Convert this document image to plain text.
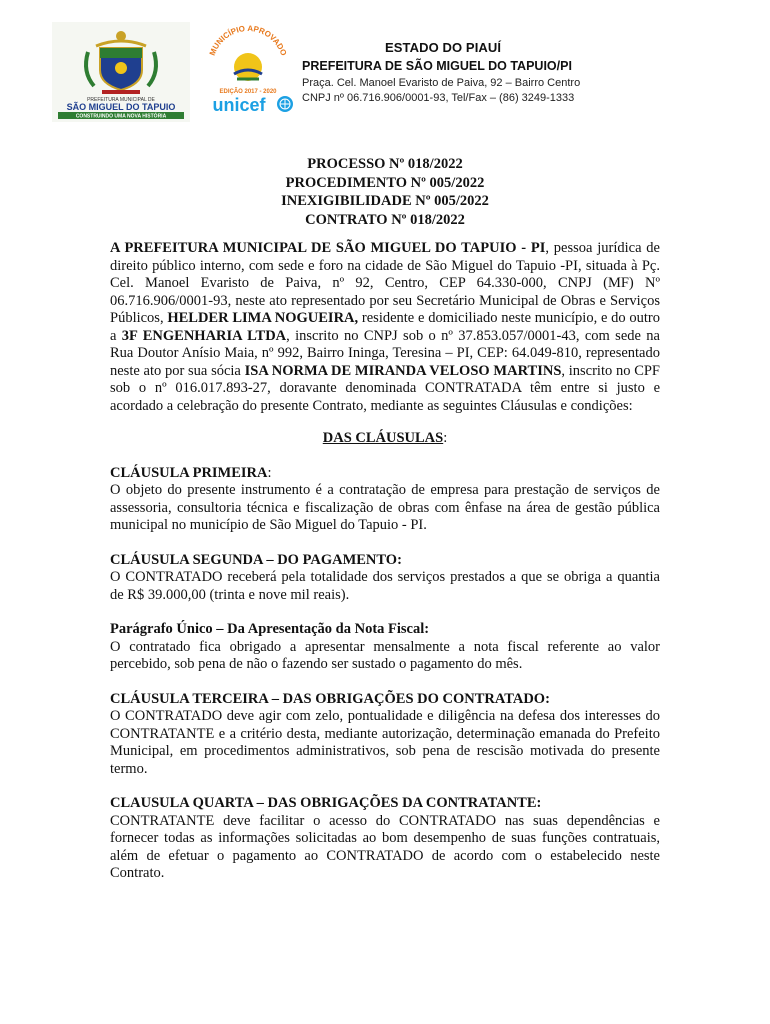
PREFEITURA MUNICIPAL DE
SÃO MIGUEL DO TAPUIO
CONSTRUINDO UMA NOVA HISTÓRIA
MUNICÍPIO APROVADO
EDIÇÃO 2017 - 2020
unicef

ESTADO DO PIAUÍ

PREFEITURA DE SÃO MIGUEL DO TAPUIO/PI

Praça. Cel. Manoel Evaristo de Paiva, 92 – Bairro Centro

CNPJ nº 06.716.906/0001-93, Tel/Fax – (86) 3249-1333

PROCESSO Nº 018/2022
PROCEDIMENTO Nº 005/2022
INEXIGIBILIDADE Nº 005/2022
CONTRATO Nº 018/2022

A PREFEITURA MUNICIPAL DE SÃO MIGUEL DO TAPUIO - PI, pessoa jurídica de direito público interno, com sede e foro na cidade de São Miguel do Tapuio -PI, situada à Pç. Cel. Manoel Evaristo de Paiva, nº 92, Centro, CEP 64.330-000, CNPJ (MF) Nº 06.716.906/0001-93, neste ato representado por seu Secretário Municipal de Obras e Serviços Públicos, HELDER LIMA NOGUEIRA, residente e domiciliado neste município, e do outro a 3F ENGENHARIA LTDA, inscrito no CNPJ sob o nº 37.853.057/0001-43, com sede na Rua Doutor Anísio Maia, nº 992, Bairro Ininga, Teresina – PI, CEP: 64.049-810, representado neste ato por sua sócia ISA NORMA DE MIRANDA VELOSO MARTINS, inscrito no CPF sob o nº 016.017.893-27, doravante denominada CONTRATADA têm entre si justo e acordado a celebração do presente Contrato, mediante as seguintes Cláusulas e condições:

DAS CLÁUSULAS:

CLÁUSULA PRIMEIRA:

O objeto do presente instrumento é a contratação de empresa para prestação de serviços de assessoria, consultoria técnica e fiscalização de obras com ênfase na área de gestão pública municipal no município de São Miguel do Tapuio - PI.

CLÁUSULA SEGUNDA – DO PAGAMENTO:

O CONTRATADO receberá pela totalidade dos serviços prestados a que se obriga a quantia de R$ 39.000,00 (trinta e nove mil reais).

Parágrafo Único – Da Apresentação da Nota Fiscal:

O contratado fica obrigado a apresentar mensalmente a nota fiscal referente ao valor percebido, sob pena de não o fazendo ser sustado o pagamento do mês.

CLÁUSULA TERCEIRA – DAS OBRIGAÇÕES DO CONTRATADO:

O CONTRATADO deve agir com zelo, pontualidade e diligência na defesa dos interesses do CONTRATANTE e a critério desta, mediante autorização, determinação emanada do Prefeito Municipal, em procedimentos administrativos, sob pena de rescisão motivada do presente termo.

CLAUSULA QUARTA – DAS OBRIGAÇÕES DA CONTRATANTE:

CONTRATANTE deve facilitar o acesso do CONTRATADO nas suas dependências e fornecer todas as informações solicitadas ao bom desempenho de suas funções contratuais, além de efetuar o pagamento ao CONTRATADO de acordo com o estabelecido neste Contrato.
